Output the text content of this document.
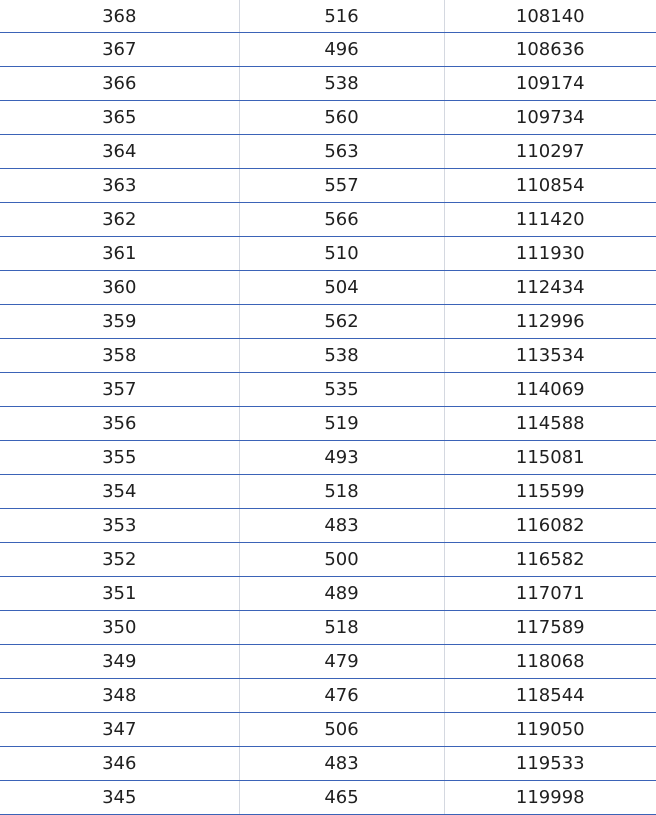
368	516	108140
367	496	108636
366	538	109174
365	560	109734
364	563	110297
363	557	110854
362	566	111420
361	510	111930
360	504	112434
359	562	112996
358	538	113534
357	535	114069
356	519	114588
355	493	115081
354	518	115599
353	483	116082
352	500	116582
351	489	117071
350	518	117589
349	479	118068
348	476	118544
347	506	119050
346	483	119533
345	465	119998
